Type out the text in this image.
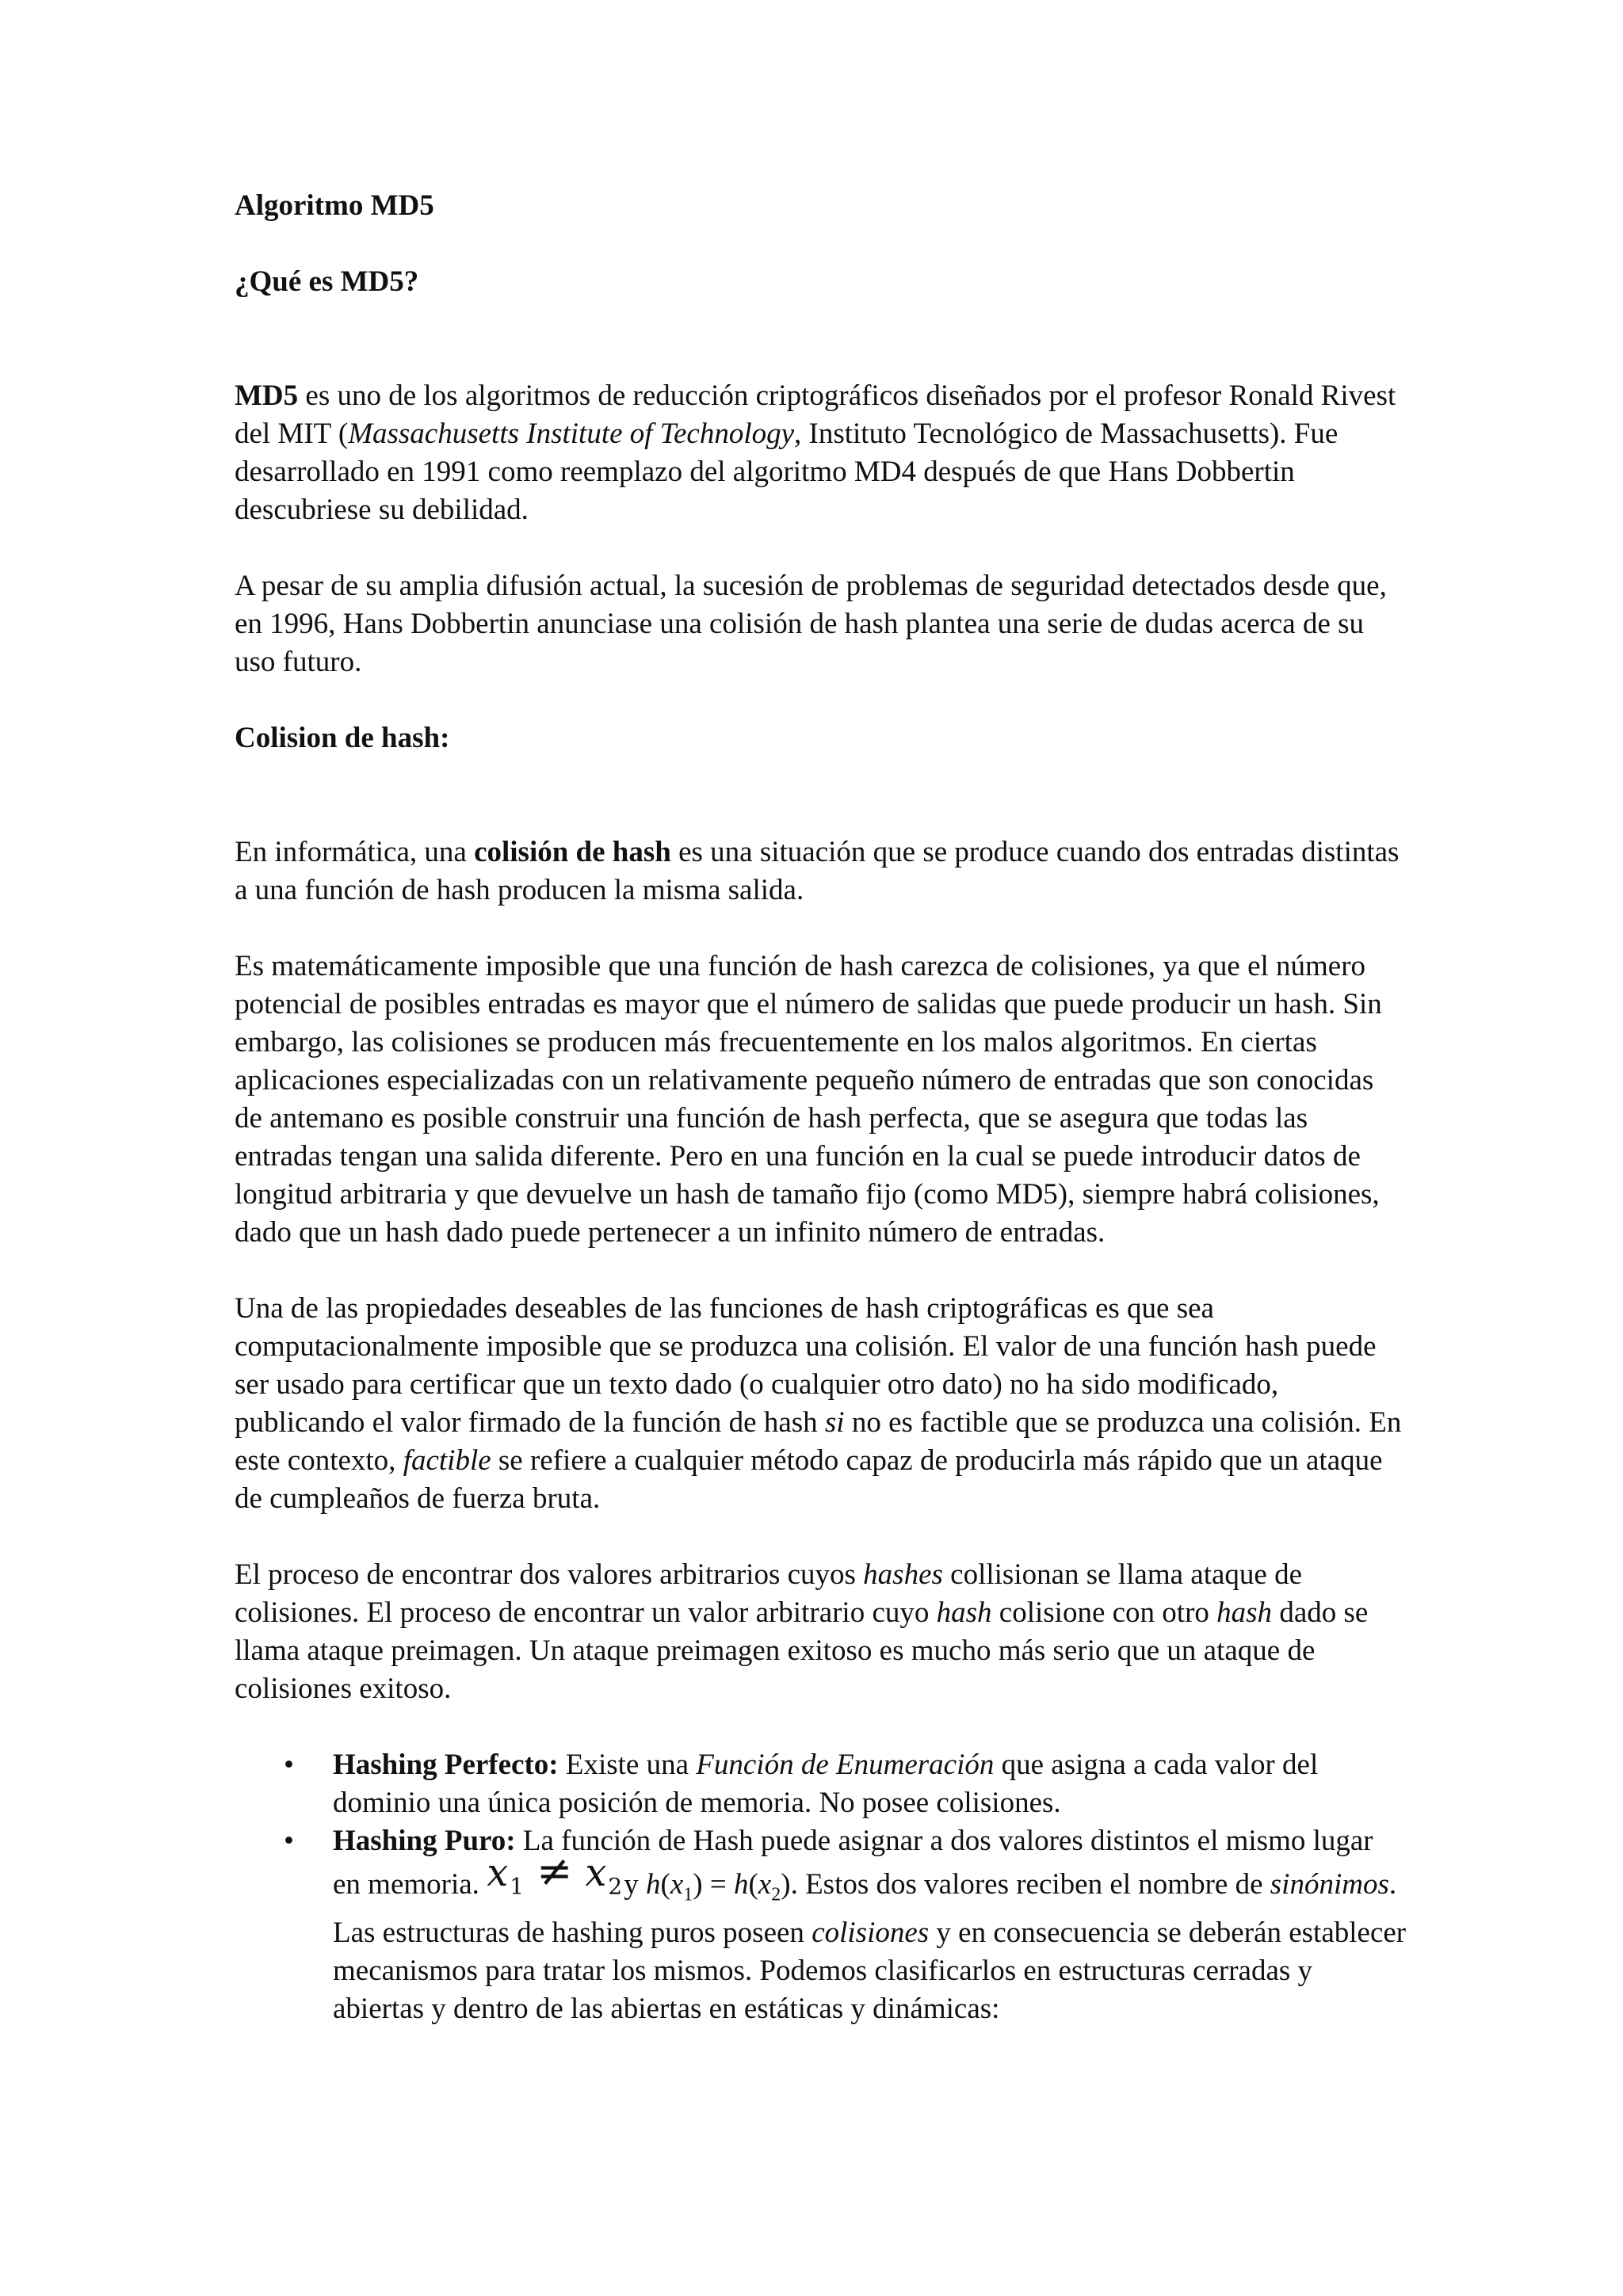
Algoritmo MD5
¿Qué es MD5?

MD5 es uno de los algoritmos de reducción criptográficos diseñados por el profesor Ronald Rivest del MIT (Massachusetts Institute of Technology, Instituto Tecnológico de Massachusetts). Fue desarrollado en 1991 como reemplazo del algoritmo MD4 después de que Hans Dobbertin descubriese su debilidad.

A pesar de su amplia difusión actual, la sucesión de problemas de seguridad detectados desde que, en 1996, Hans Dobbertin anunciase una colisión de hash plantea una serie de dudas acerca de su uso futuro.

Colision de hash:

En informática, una colisión de hash es una situación que se produce cuando dos entradas distintas a una función de hash producen la misma salida.

Es matemáticamente imposible que una función de hash carezca de colisiones, ya que el número potencial de posibles entradas es mayor que el número de salidas que puede producir un hash. Sin embargo, las colisiones se producen más frecuentemente en los malos algoritmos. En ciertas aplicaciones especializadas con un relativamente pequeño número de entradas que son conocidas de antemano es posible construir una función de hash perfecta, que se asegura que todas las entradas tengan una salida diferente. Pero en una función en la cual se puede introducir datos de longitud arbitraria y que devuelve un hash de tamaño fijo (como MD5), siempre habrá colisiones, dado que un hash dado puede pertenecer a un infinito número de entradas.

Una de las propiedades deseables de las funciones de hash criptográficas es que sea computacionalmente imposible que se produzca una colisión. El valor de una función hash puede ser usado para certificar que un texto dado (o cualquier otro dato) no ha sido modificado, publicando el valor firmado de la función de hash si no es factible que se produzca una colisión. En este contexto, factible se refiere a cualquier método capaz de producirla más rápido que un ataque de cumpleaños de fuerza bruta.

El proceso de encontrar dos valores arbitrarios cuyos hashes collisionan se llama ataque de colisiones. El proceso de encontrar un valor arbitrario cuyo hash colisione con otro hash dado se llama ataque preimagen. Un ataque preimagen exitoso es mucho más serio que un ataque de colisiones exitoso.

• Hashing Perfecto: Existe una Función de Enumeración que asigna a cada valor del dominio una única posición de memoria. No posee colisiones.
• Hashing Puro: La función de Hash puede asignar a dos valores distintos el mismo lugar en memoria. $x_1 \ne x_2y$ $h(x_1) = h(x_2)$. Estos dos valores reciben el nombre de sinónimos. Las estructuras de hashing puros poseen colisiones y en consecuencia se deberán establecer mecanismos para tratar los mismos. Podemos clasificarlos en estructuras cerradas y abiertas y dentro de las abiertas en estáticas y dinámicas:
